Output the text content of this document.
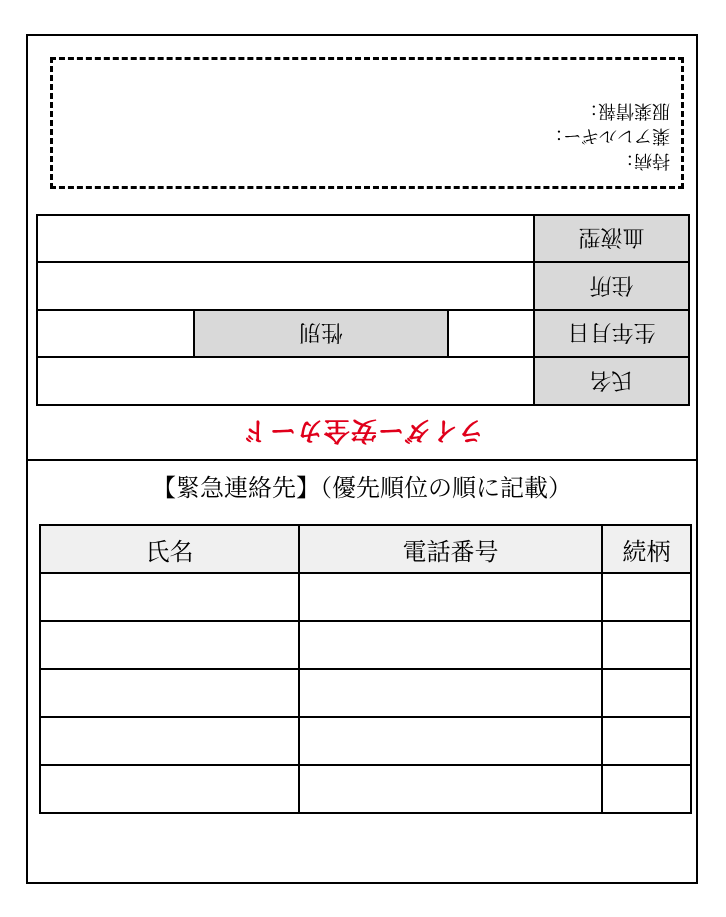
持病：
薬アレルギー：
服薬情報：
氏名			
生年月日		性別	
住所			
血液型			
ライダー安全カード
【緊急連絡先】（優先順位の順に記載）
氏名	電話番号	続柄
